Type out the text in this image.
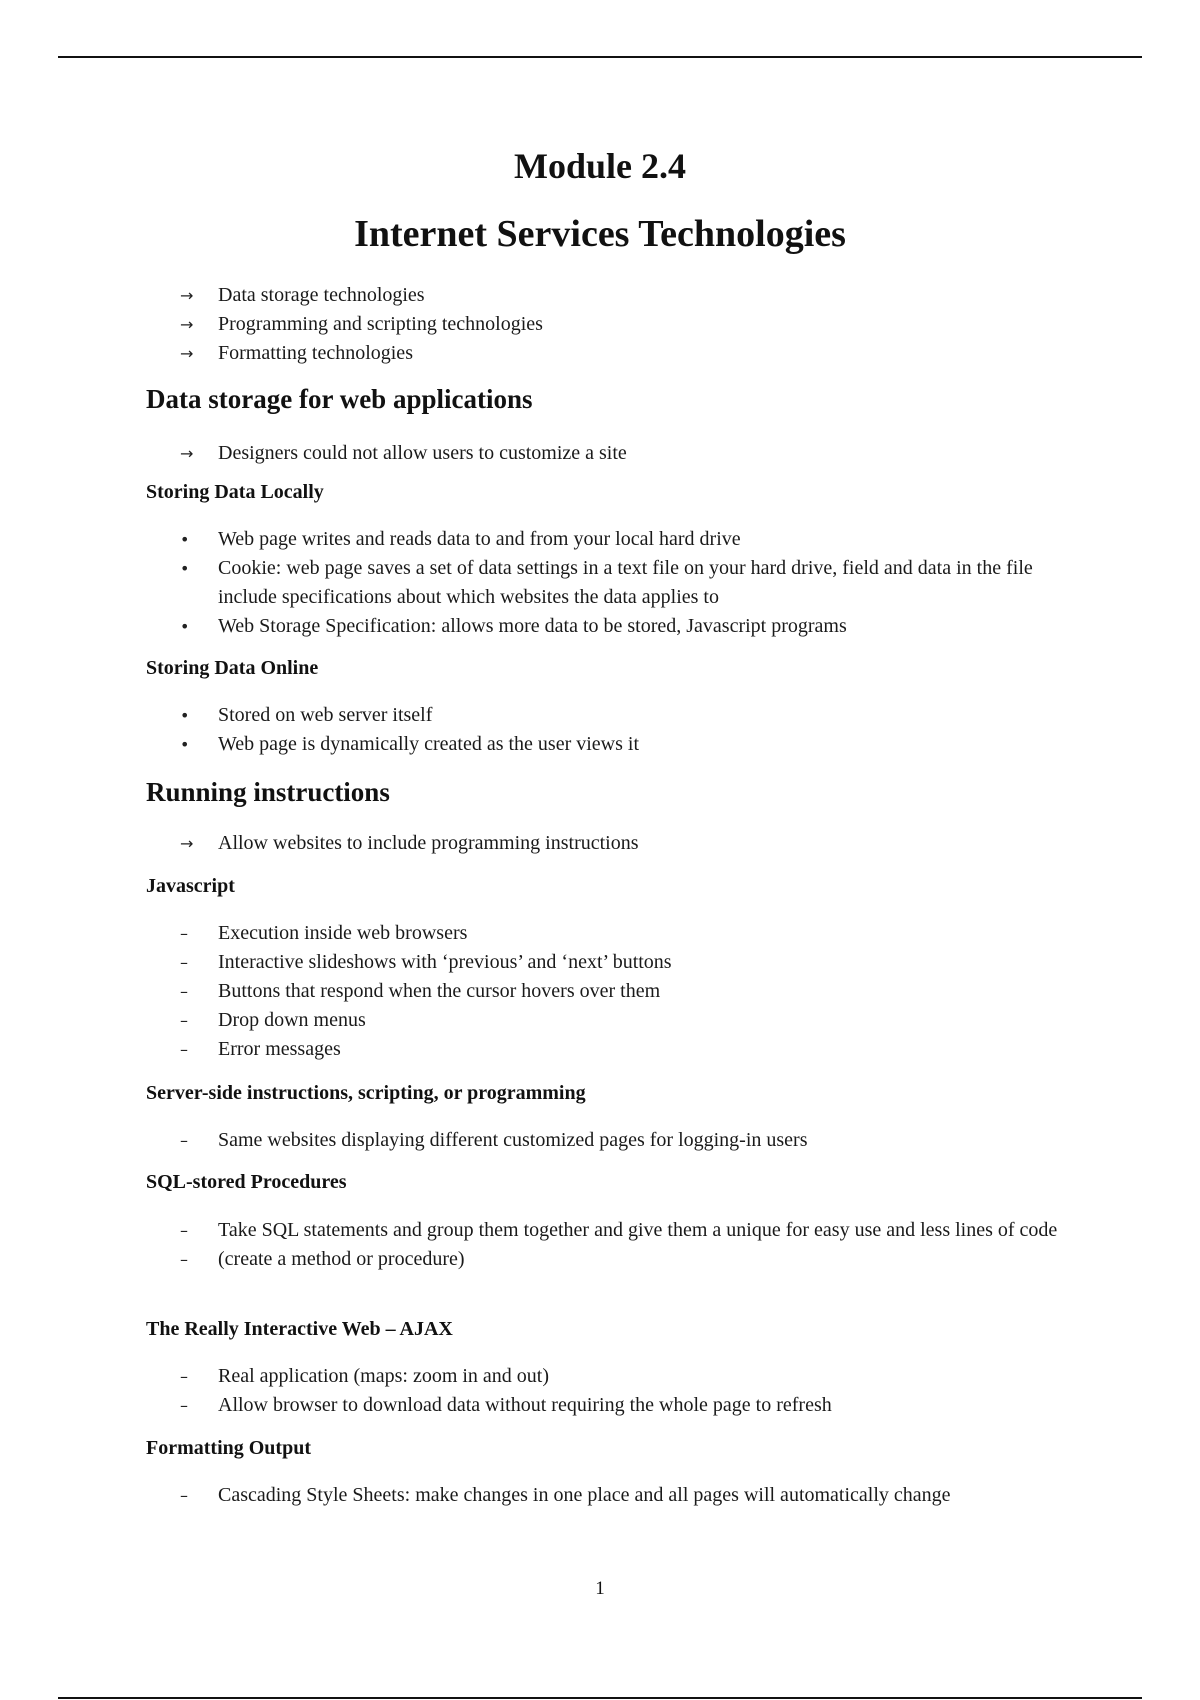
Module 2.4
Internet Services Technologies
→	Data storage technologies
→	Programming and scripting technologies
→	Formatting technologies
Data storage for web applications
→	Designers could not allow users to customize a site
Storing Data Locally
•	Web page writes and reads data to and from your local hard drive
•	Cookie: web page saves a set of data settings in a text file on your hard drive, field and data in the file include specifications about which websites the data applies to
•	Web Storage Specification: allows more data to be stored, Javascript programs
Storing Data Online
•	Stored on web server itself
•	Web page is dynamically created as the user views it
Running instructions
→	Allow websites to include programming instructions
Javascript
–	Execution inside web browsers
–	Interactive slideshows with ‘previous’ and ‘next’ buttons
–	Buttons that respond when the cursor hovers over them
–	Drop down menus
–	Error messages
Server-side instructions, scripting, or programming
–	Same websites displaying different customized pages for logging-in users
SQL-stored Procedures
–	Take SQL statements and group them together and give them a unique for easy use and less lines of code
–	(create a method or procedure)
The Really Interactive Web – AJAX
–	Real application (maps: zoom in and out)
–	Allow browser to download data without requiring the whole page to refresh
Formatting Output
–	Cascading Style Sheets: make changes in one place and all pages will automatically change
1
